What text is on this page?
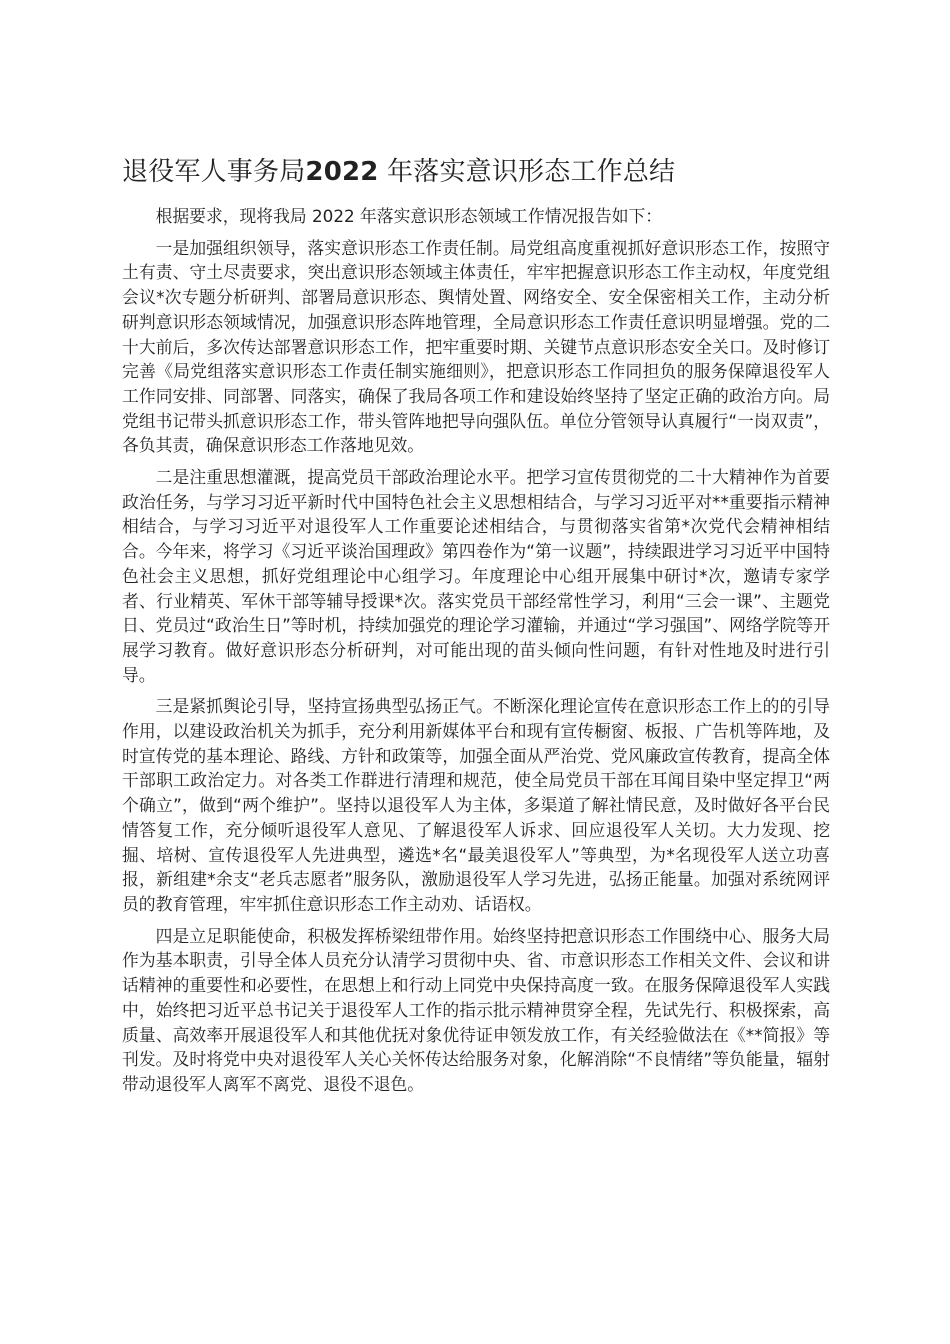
退役军人事务局2022 年落实意识形态工作总结

根据要求，现将我局 2022 年落实意识形态领域工作情况报告如下：

一是加强组织领导，落实意识形态工作责任制。局党组高度重视抓好意识形态工作，按照守土有责、守土尽责要求，突出意识形态领域主体责任，牢牢把握意识形态工作主动权，年度党组会议*次专题分析研判、部署局意识形态、舆情处置、网络安全、安全保密相关工作，主动分析研判意识形态领域情况，加强意识形态阵地管理，全局意识形态工作责任意识明显增强。党的二十大前后，多次传达部署意识形态工作，把牢重要时期、关键节点意识形态安全关口。及时修订完善《局党组落实意识形态工作责任制实施细则》，把意识形态工作同担负的服务保障退役军人工作同安排、同部署、同落实，确保了我局各项工作和建设始终坚持了坚定正确的政治方向。局党组书记带头抓意识形态工作，带头管阵地把导向强队伍。单位分管领导认真履行“一岗双责”，各负其责，确保意识形态工作落地见效。

二是注重思想灌溉，提高党员干部政治理论水平。把学习宣传贯彻党的二十大精神作为首要政治任务，与学习习近平新时代中国特色社会主义思想相结合，与学习习近平对**重要指示精神相结合，与学习习近平对退役军人工作重要论述相结合，与贯彻落实省第*次党代会精神相结合。今年来，将学习《习近平谈治国理政》第四卷作为“第一议题”，持续跟进学习习近平中国特色社会主义思想，抓好党组理论中心组学习。年度理论中心组开展集中研讨*次，邀请专家学者、行业精英、军休干部等辅导授课*次。落实党员干部经常性学习，利用“三会一课”、主题党日、党员过“政治生日”等时机，持续加强党的理论学习灌输，并通过“学习强国”、网络学院等开展学习教育。做好意识形态分析研判，对可能出现的苗头倾向性问题，有针对性地及时进行引导。

三是紧抓舆论引导，坚持宣扬典型弘扬正气。不断深化理论宣传在意识形态工作上的的引导作用，以建设政治机关为抓手，充分利用新媒体平台和现有宣传橱窗、板报、广告机等阵地，及时宣传党的基本理论、路线、方针和政策等，加强全面从严治党、党风廉政宣传教育，提高全体干部职工政治定力。对各类工作群进行清理和规范，使全局党员干部在耳闻目染中坚定捍卫“两个确立”，做到“两个维护”。坚持以退役军人为主体，多渠道了解社情民意，及时做好各平台民情答复工作，充分倾听退役军人意见、了解退役军人诉求、回应退役军人关切。大力发现、挖掘、培树、宣传退役军人先进典型，遴选*名“最美退役军人”等典型，为*名现役军人送立功喜报，新组建*余支“老兵志愿者”服务队，激励退役军人学习先进，弘扬正能量。加强对系统网评员的教育管理，牢牢抓住意识形态工作主动劝、话语权。

四是立足职能使命，积极发挥桥梁纽带作用。始终坚持把意识形态工作围绕中心、服务大局作为基本职责，引导全体人员充分认清学习贯彻中央、省、市意识形态工作相关文件、会议和讲话精神的重要性和必要性，在思想上和行动上同党中央保持高度一致。在服务保障退役军人实践中，始终把习近平总书记关于退役军人工作的指示批示精神贯穿全程，先试先行、积极探索，高质量、高效率开展退役军人和其他优抚对象优待证申领发放工作，有关经验做法在《**简报》等刊发。及时将党中央对退役军人关心关怀传达给服务对象，化解消除“不良情绪”等负能量，辐射带动退役军人离军不离党、退役不退色。
